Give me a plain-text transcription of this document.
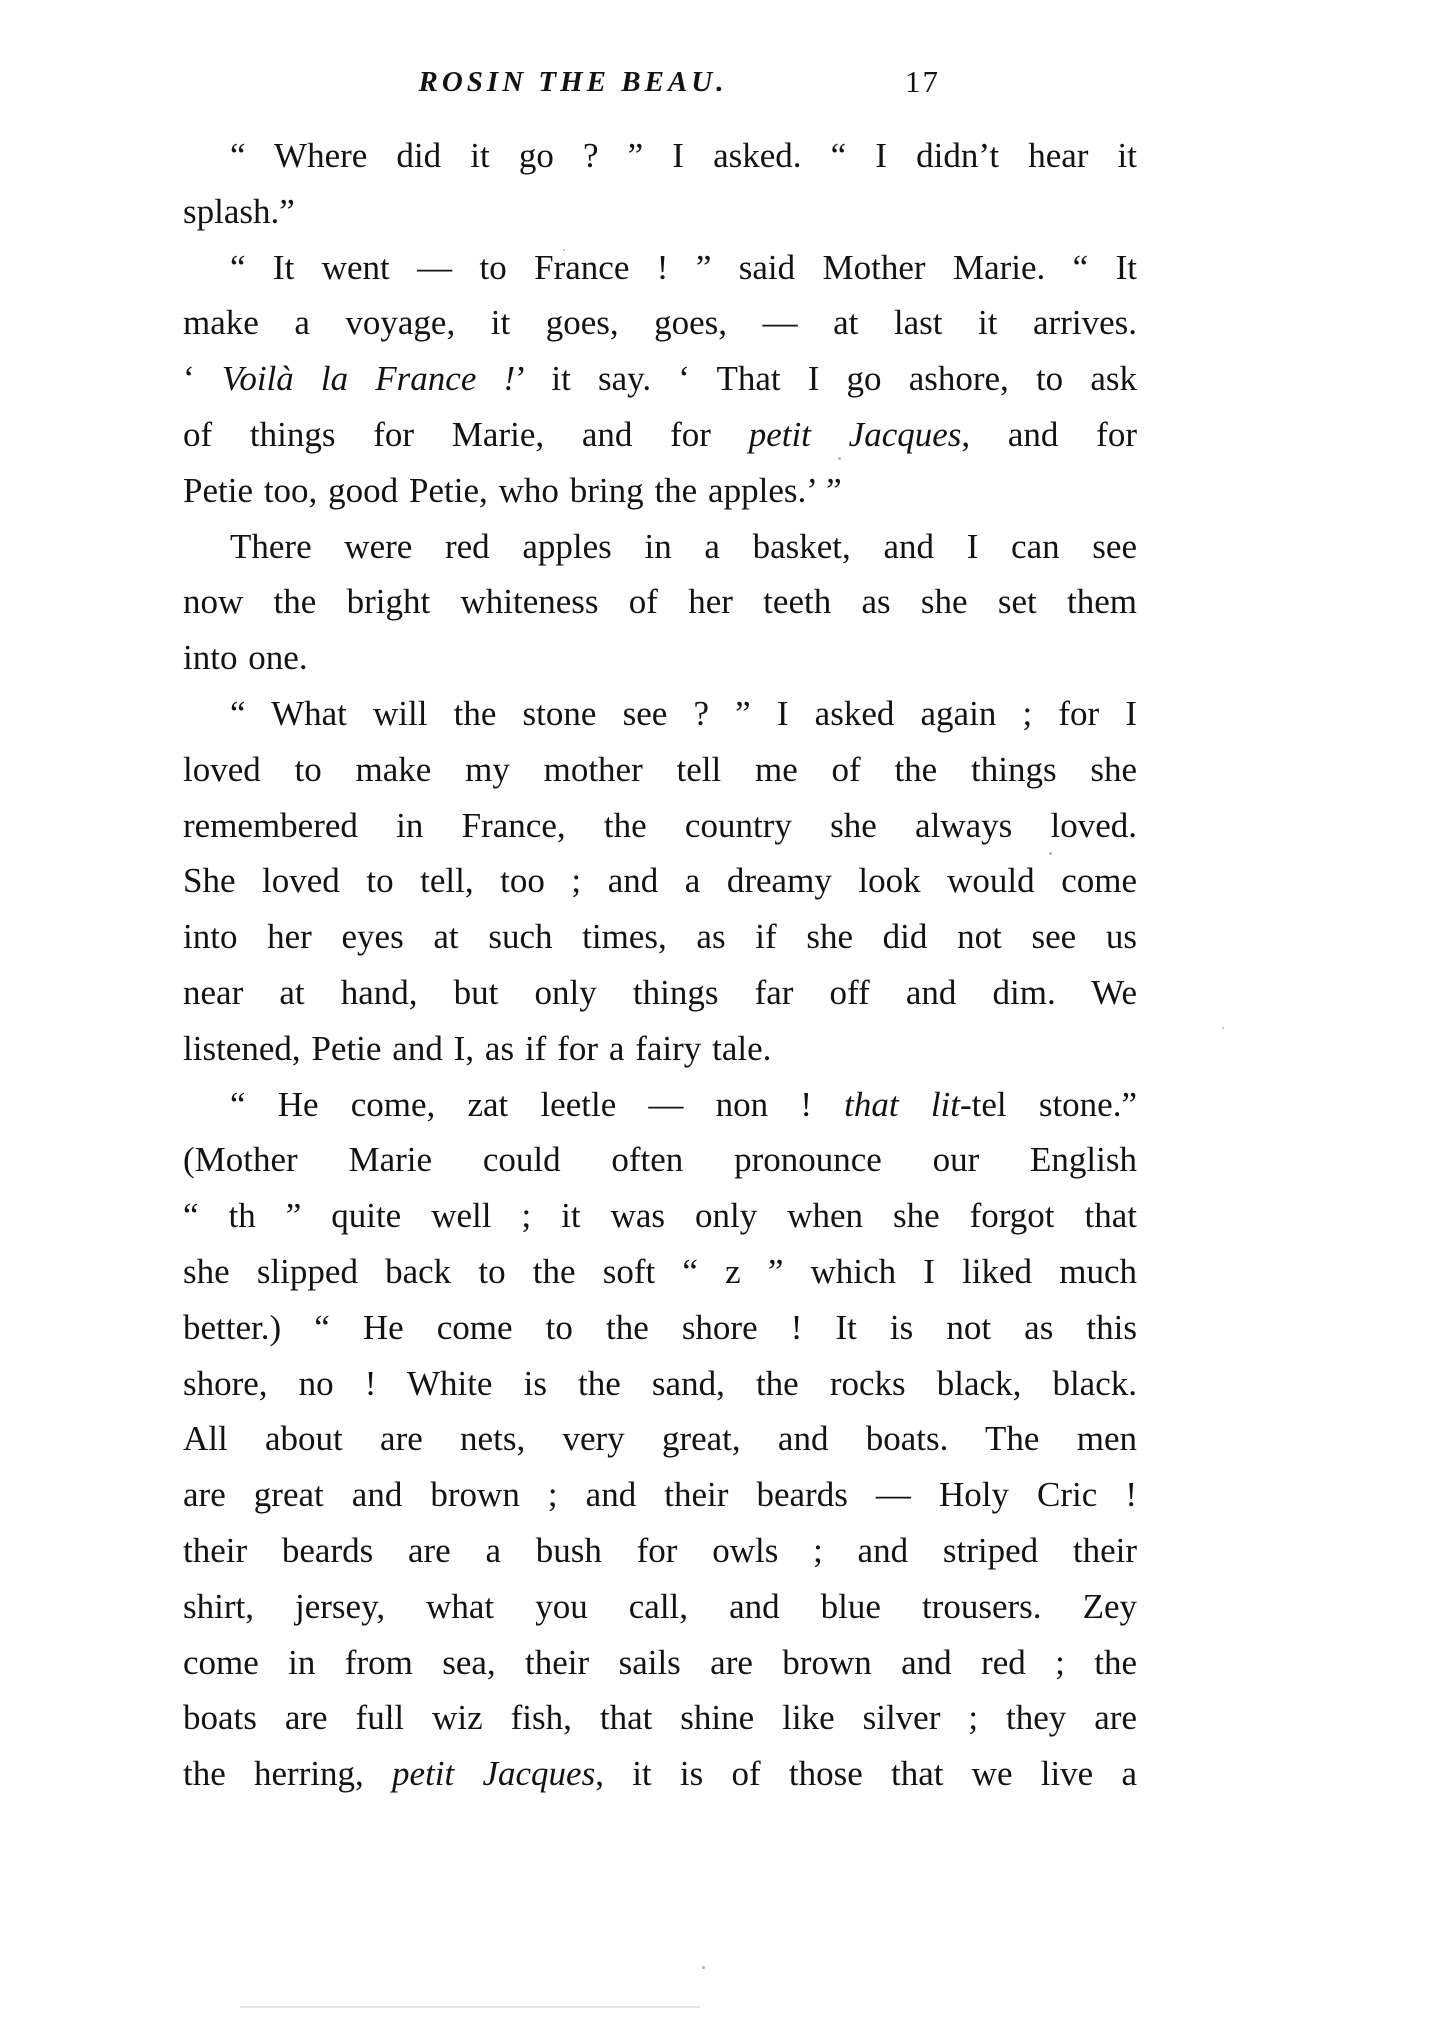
ROSIN THE BEAU.	17
“ Where did it go ? ” I asked. “ I didn’t hear it
splash.”
“ It went — to France ! ” said Mother Marie. “ It
make a voyage, it goes, goes, — at last it arrives.
‘ Voilà la France !’ it say. ‘ That I go ashore, to ask
of things for Marie, and for petit Jacques, and for
Petie too, good Petie, who bring the apples.’ ”
There were red apples in a basket, and I can see
now the bright whiteness of her teeth as she set them
into one.
“ What will the stone see ? ” I asked again ; for I
loved to make my mother tell me of the things she
remembered in France, the country she always loved.
She loved to tell, too ; and a dreamy look would come
into her eyes at such times, as if she did not see us
near at hand, but only things far off and dim. We
listened, Petie and I, as if for a fairy tale.
“ He come, zat leetle — non ! that lit-tel stone.”
(Mother Marie could often pronounce our English
“ th ” quite well ; it was only when she forgot that
she slipped back to the soft “ z ” which I liked much
better.) “ He come to the shore ! It is not as this
shore, no ! White is the sand, the rocks black, black.
All about are nets, very great, and boats. The men
are great and brown ; and their beards — Holy Cric !
their beards are a bush for owls ; and striped their
shirt, jersey, what you call, and blue trousers. Zey
come in from sea, their sails are brown and red ; the
boats are full wiz fish, that shine like silver ; they are
the herring, petit Jacques, it is of those that we live a
